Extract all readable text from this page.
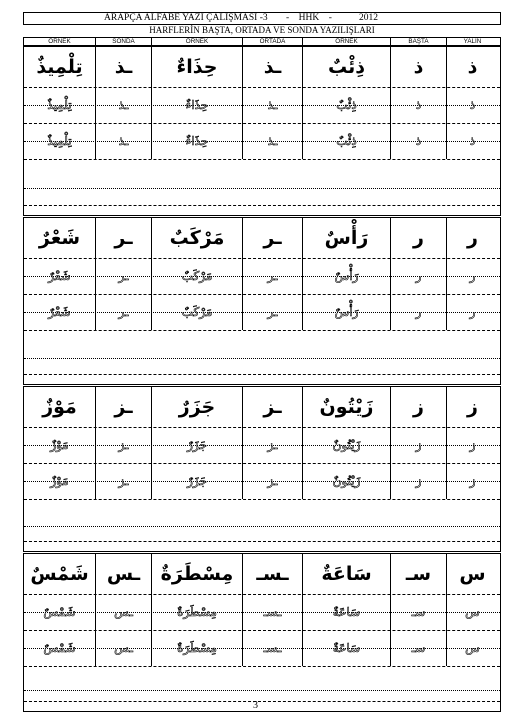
ARAPÇA ALFABE YAZI ÇALIŞMASI -3 -    HHK    -	2012
HARFLERİN BAŞTA, ORTADA VE SONDA YAZILIŞLARI
ÖRNEK	SONDA	ÖRNEK	ORTADA	ÖRNEK	BAŞTA	YALIN
تِلْمِيذٌ	ـذ	حِذَاءٌ	ـذ	ذِئْبٌ	ذ	ذ
تِلْمِيذٌ	ـذ	حِذَاءٌ	ـذ	ذِئْبٌ	ذ	ذ
تِلْمِيذٌ	ـذ	حِذَاءٌ	ـذ	ذِئْبٌ	ذ	ذ
شَعْرٌ	ـر	مَرْكَبٌ	ـر	رَأْسٌ	ر	ر
شَعْرٌ	ـر	مَرْكَبٌ	ـر	رَأْسٌ	ر	ر
شَعْرٌ	ـر	مَرْكَبٌ	ـر	رَأْسٌ	ر	ر
مَوْزٌ	ـز	جَزَرٌ	ـز	زَيْتُونٌ	ز	ز
مَوْزٌ	ـز	جَزَرٌ	ـز	زَيْتُونٌ	ز	ز
مَوْزٌ	ـز	جَزَرٌ	ـز	زَيْتُونٌ	ز	ز
شَمْسٌ ـس	مِسْطَرَةٌ	ـسـ	سَاعَةٌ	سـ	س
شَمْسٌ	ـس	مِسْطَرَةٌ	ـسـ	سَاعَةٌ	سـ	س
شَمْسٌ	ـس	مِسْطَرَةٌ	ـسـ	سَاعَةٌ	سـ	س
3
